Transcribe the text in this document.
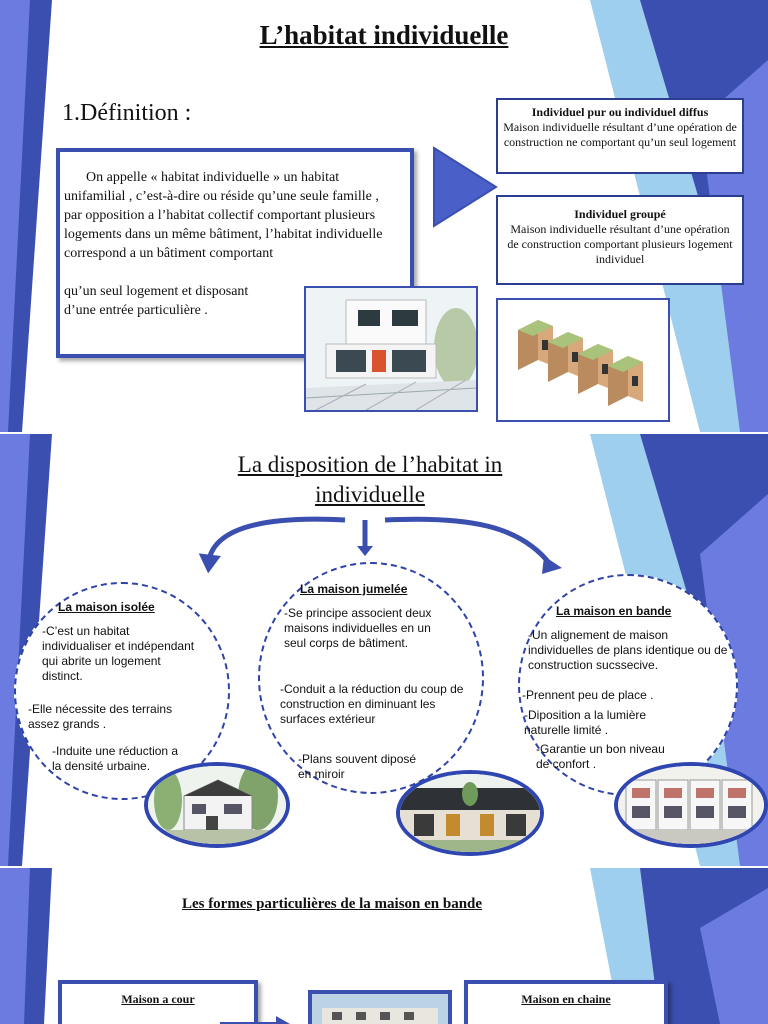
L’habitat individuelle
1.Définition :
On appelle « habitat individuelle » un habitat unifamilial , c’est-à-dire ou réside qu’une seule famille , par opposition a l’habitat collectif comportant plusieurs logements dans un même bâtiment, l’habitat individuelle correspond a un bâtiment comportant
qu’un seul logement et disposant
d’une entrée particulière .
Individuel pur ou individuel diffus
Maison individuelle résultant d’une opération de construction ne comportant qu’un seul logement
Individuel groupé
Maison individuelle résultant d’une opération de construction comportant plusieurs logement individuel
La disposition de l’habitat in
individuelle
La maison isolée
-C’est un habitat individualiser et indépendant qui abrite un logement distinct.
-Elle nécessite des terrains assez grands .
-Induite une réduction a la densité urbaine.
La maison jumelée
-Se principe associent deux maisons individuelles en un seul corps de bâtiment.
-Conduit a la réduction du coup de construction en diminuant les surfaces extérieur
-Plans souvent diposé en miroir
La maison en bande
-Un alignement de maison individuelles de plans identique ou de construction sucssecive.
-Prennent peu de place .
-Diposition a la lumière naturelle limité .
-Garantie un bon niveau de confort .
Les formes particulières de la maison en bande
Maison a cour	Maison en chaine
